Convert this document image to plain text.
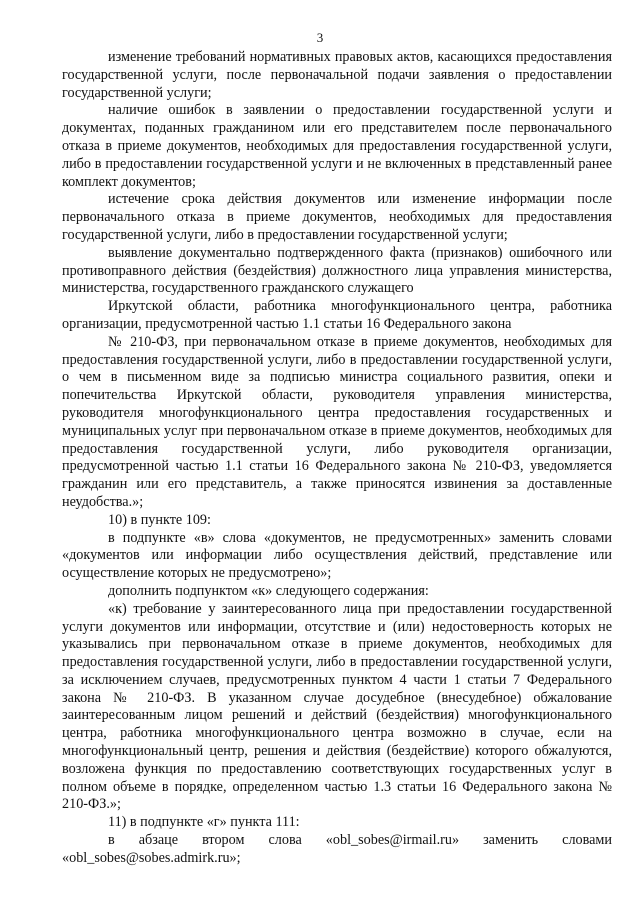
3

изменение требований нормативных правовых актов, касающихся предоставления государственной услуги, после первоначальной подачи заявления о предоставлении государственной услуги;

наличие ошибок в заявлении о предоставлении государственной услуги и документах, поданных гражданином или его представителем после первоначального отказа в приеме документов, необходимых для предоставления государственной услуги, либо в предоставлении государственной услуги и не включенных в представленный ранее комплект документов;

истечение срока действия документов или изменение информации после первоначального отказа в приеме документов, необходимых для предоставления государственной услуги, либо в предоставлении государственной услуги;

выявление документально подтвержденного факта (признаков) ошибочного или противоправного действия (бездействия) должностного лица управления министерства, министерства, государственного гражданского служащего

Иркутской области, работника многофункционального центра, работника организации, предусмотренной частью 1.1 статьи 16 Федерального закона

№ 210-ФЗ, при первоначальном отказе в приеме документов, необходимых для предоставления государственной услуги, либо в предоставлении государственной услуги, о чем в письменном виде за подписью министра социального развития, опеки и попечительства Иркутской области, руководителя управления министерства, руководителя многофункционального центра предоставления государственных и муниципальных услуг при первоначальном отказе в приеме документов, необходимых для предоставления государственной услуги, либо руководителя организации, предусмотренной частью 1.1 статьи 16 Федерального закона № 210-ФЗ, уведомляется гражданин или его представитель, а также приносятся извинения за доставленные неудобства.»;

10) в пункте 109:

в подпункте «в» слова «документов, не предусмотренных» заменить словами «документов или информации либо осуществления действий, представление или осуществление которых не предусмотрено»;

дополнить подпунктом «к» следующего содержания:

«к) требование у заинтересованного лица при предоставлении государственной услуги документов или информации, отсутствие и (или) недостоверность которых не указывались при первоначальном отказе в приеме документов, необходимых для предоставления государственной услуги, либо в предоставлении государственной услуги, за исключением случаев, предусмотренных пунктом 4 части 1 статьи 7 Федерального закона № 210-ФЗ. В указанном случае досудебное (внесудебное) обжалование заинтересованным лицом решений и действий (бездействия) многофункционального центра, работника многофункционального центра возможно в случае, если на многофункциональный центр, решения и действия (бездействие) которого обжалуются, возложена функция по предоставлению соответствующих государственных услуг в полном объеме в порядке, определенном частью 1.3 статьи 16 Федерального закона № 210-ФЗ.»;

11) в подпункте «г» пункта 111:

в абзаце втором слова «obl_sobes@irmail.ru» заменить словами «obl_sobes@sobes.admirk.ru»;
